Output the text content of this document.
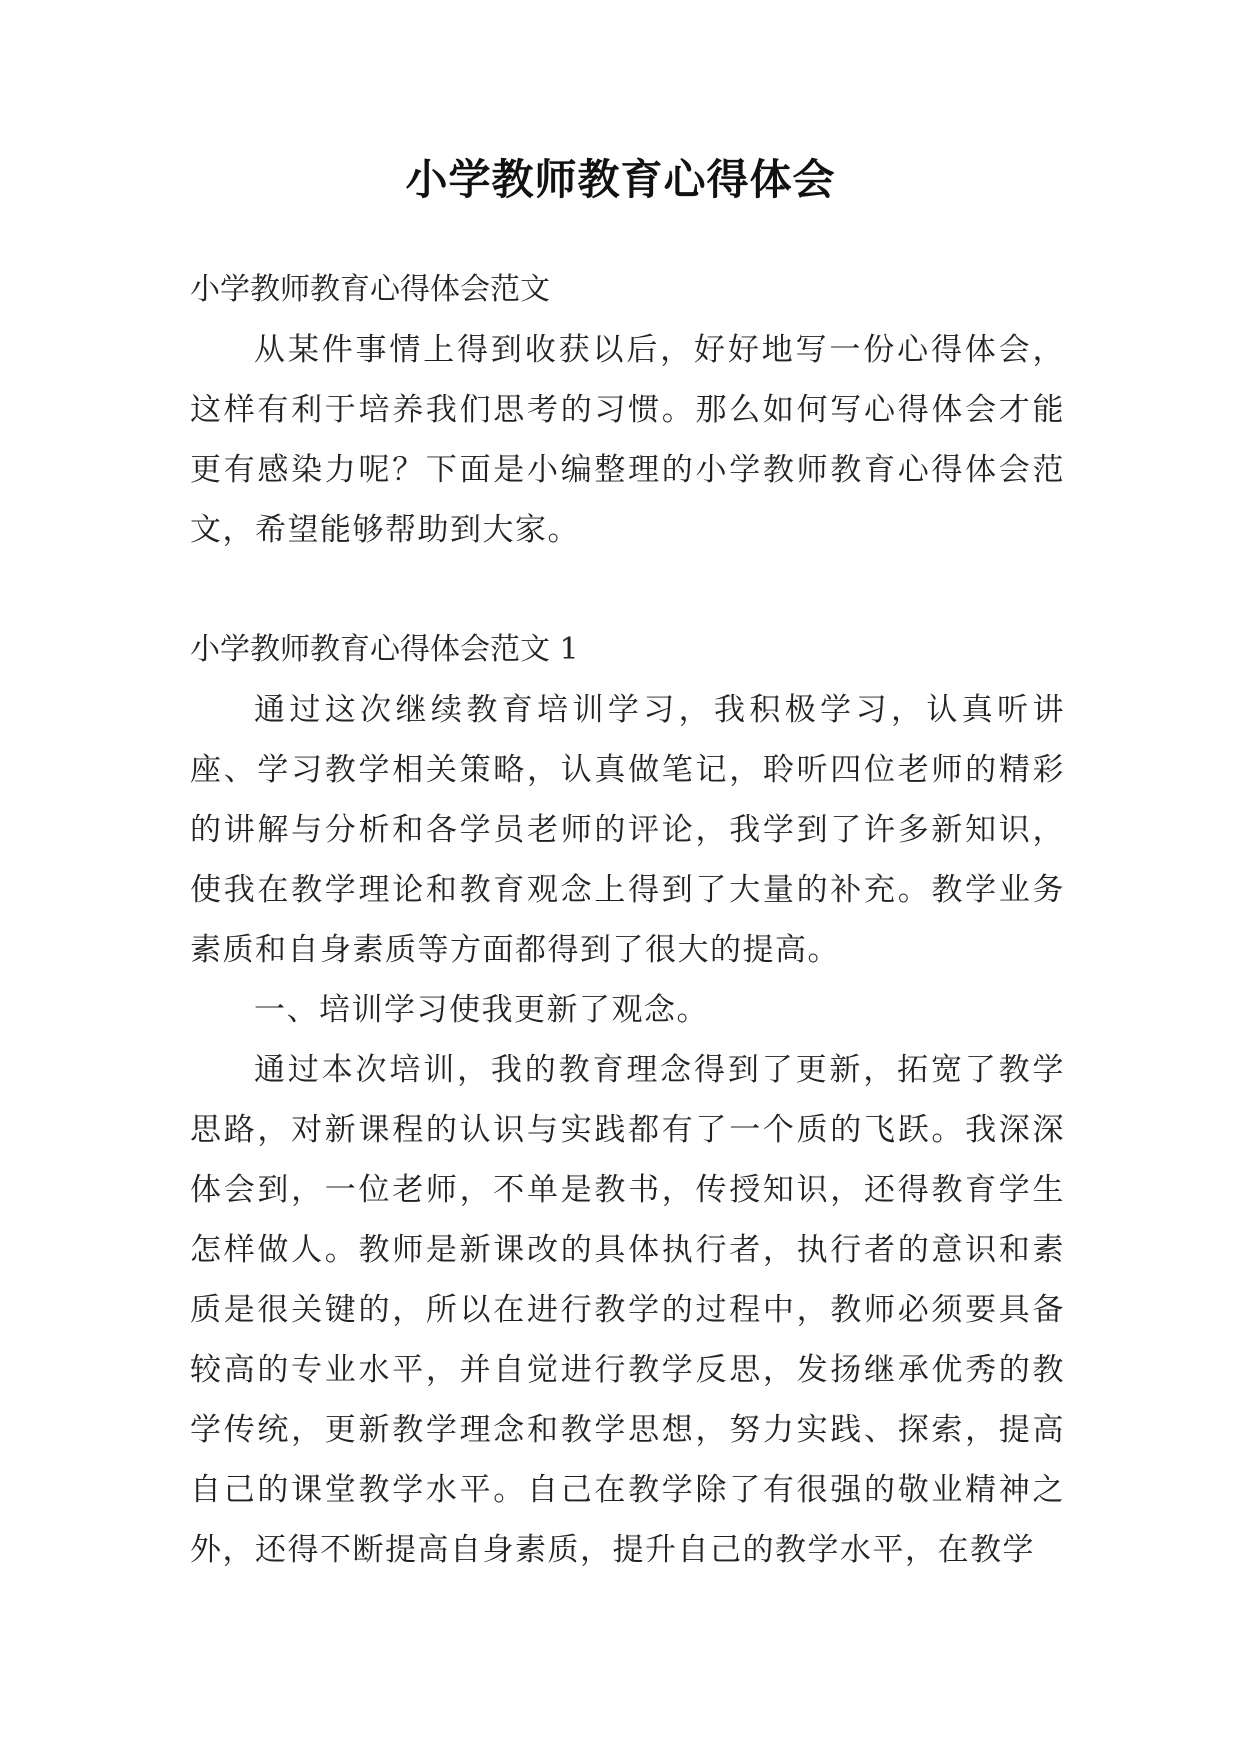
小学教师教育心得体会
小学教师教育心得体会范文

从某件事情上得到收获以后，好好地写一份心得体会，这样有利于培养我们思考的习惯。那么如何写心得体会才能更有感染力呢？下面是小编整理的小学教师教育心得体会范文，希望能够帮助到大家。

小学教师教育心得体会范文 1

通过这次继续教育培训学习，我积极学习，认真听讲座、学习教学相关策略，认真做笔记，聆听四位老师的精彩的讲解与分析和各学员老师的评论，我学到了许多新知识，使我在教学理论和教育观念上得到了大量的补充。教学业务素质和自身素质等方面都得到了很大的提高。

一、培训学习使我更新了观念。

通过本次培训，我的教育理念得到了更新，拓宽了教学思路，对新课程的认识与实践都有了一个质的飞跃。我深深体会到，一位老师，不单是教书，传授知识，还得教育学生怎样做人。教师是新课改的具体执行者，执行者的意识和素质是很关键的，所以在进行教学的过程中，教师必须要具备较高的专业水平，并自觉进行教学反思，发扬继承优秀的教学传统，更新教学理念和教学思想，努力实践、探索，提高自己的课堂教学水平。自己在教学除了有很强的敬业精神之外，还得不断提高自身素质，提升自己的教学水平，在教学
